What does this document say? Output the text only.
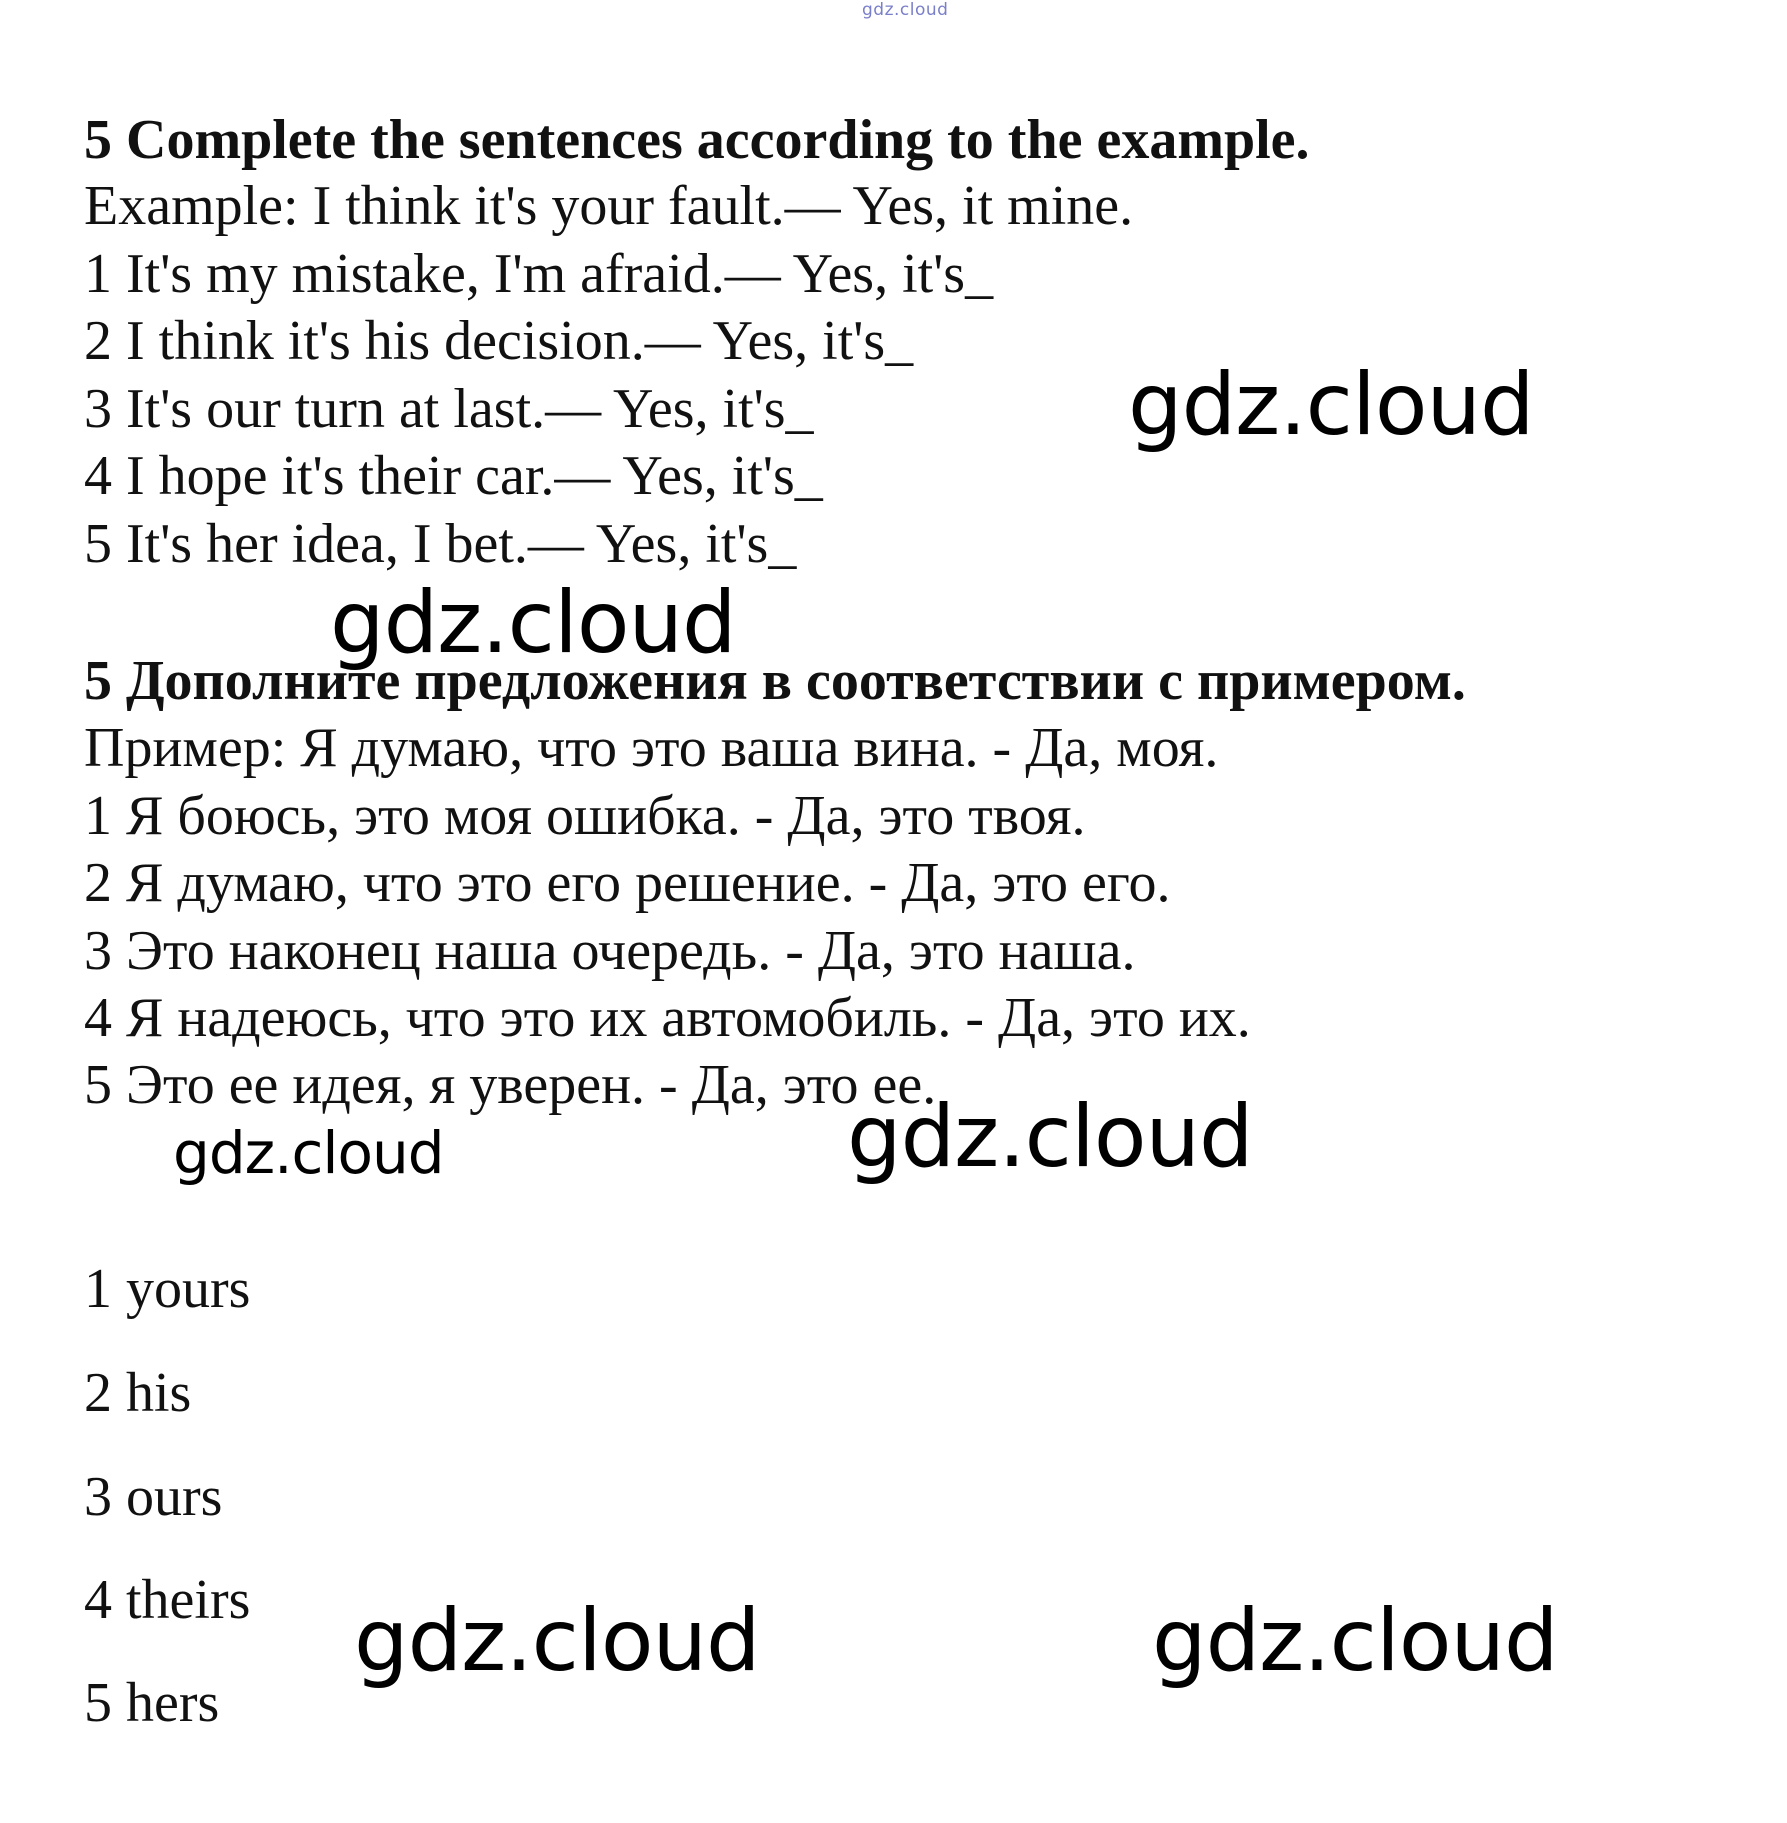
gdz.cloud
5 Complete the sentences according to the example.
Example: I think it's your fault.— Yes, it mine.
1 It's my mistake, I'm afraid.— Yes, it's_
2 I think it's his decision.— Yes, it's_
3 It's our turn at last.— Yes, it's_
4 I hope it's their car.— Yes, it's_
5 It's her idea, I bet.— Yes, it's_
5 Дополните предложения в соответствии с примером.
Пример: Я думаю, что это ваша вина. - Да, моя.
1 Я боюсь, это моя ошибка. - Да, это твоя.
2 Я думаю, что это его решение. - Да, это его.
3 Это наконец наша очередь. - Да, это наша.
4 Я надеюсь, что это их автомобиль. - Да, это их.
5 Это ее идея, я уверен. - Да, это ее.
1 yours
2 his
3 ours
4 theirs
5 hers
gdz.cloud
gdz.cloud
gdz.cloud	gdz.cloud
gdz.cloud	gdz.cloud
